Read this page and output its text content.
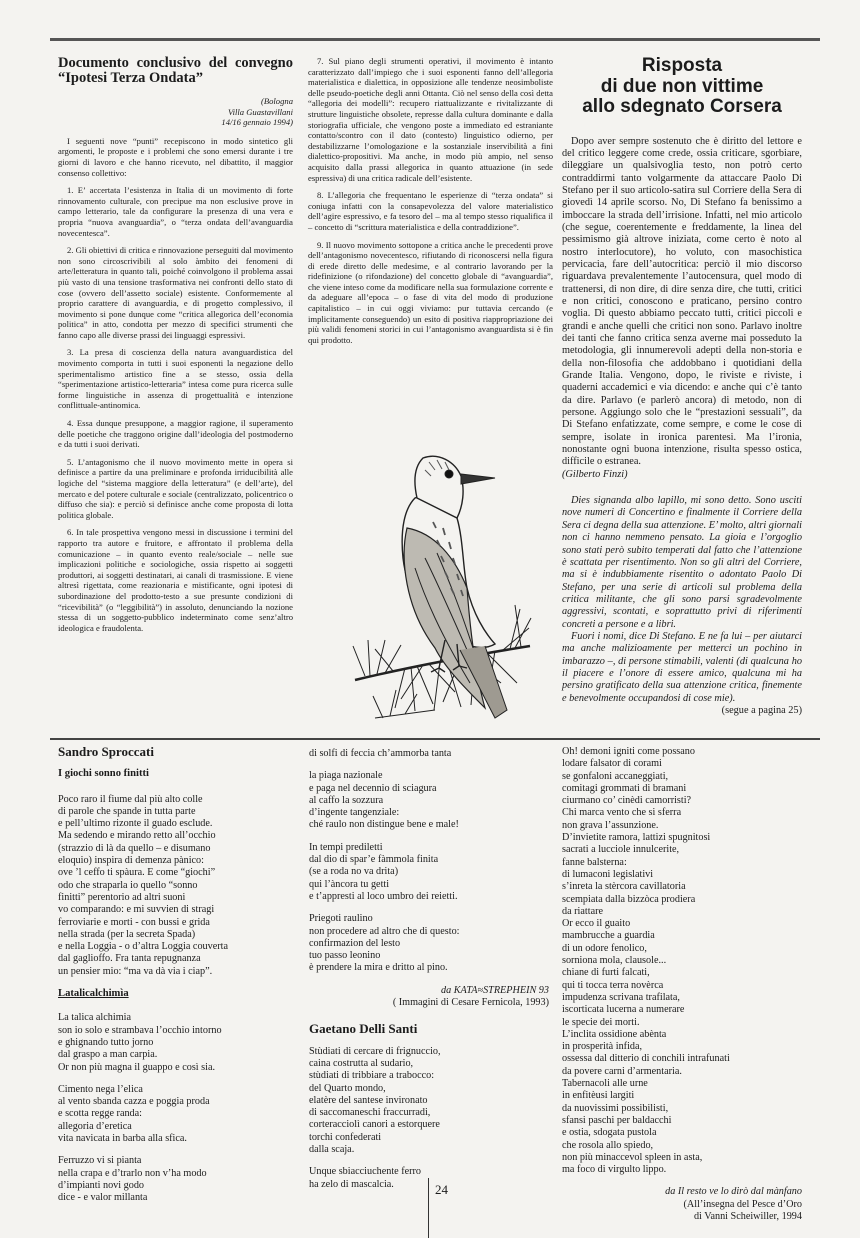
Documento conclusivo del convegno “Ipotesi Terza Ondata”
(Bologna
Villa Guastavillani
14/16 gennaio 1994)

I seguenti nove “punti” recepiscono in modo sintetico gli argomenti, le proposte e i problemi che sono emersi durante i tre giorni di lavoro e che hanno ricevuto, nel dibattito, il maggior consenso collettivo:

1. E’ accertata l’esistenza in Italia di un movimento di forte rinnovamento culturale, con precipue ma non esclusive prove in campo letterario, tale da configurare la presenza di una vera e propria “nuova avanguardia”, o “terza ondata dell’avanguardia novecentesca”.

2. Gli obiettivi di critica e rinnovazione perseguiti dal movimento non sono circoscrivibili al solo àmbito dei fenomeni di arte/letteratura in quanto tali, poiché coinvolgono il problema assai più vasto di una tensione trasformativa nei confronti dello stato di cose (ovvero dell’assetto sociale) esistente. Conformemente al proprio carattere di avanguardia, e di progetto complessivo, il movimento si pone dunque come “critica allegorica dell’economia politica” in atto, condotta per mezzo di specifici strumenti che fanno capo alle diverse prassi dei linguaggi espressivi.

3. La presa di coscienza della natura avanguardistica del movimento comporta in tutti i suoi esponenti la negazione dello sperimentalismo artistico fine a se stesso, ossia della “sperimentazione artistico-letteraria” intesa come pura ricerca sulle forme linguistiche in assenza di progettualità e intenzione conflittuale-antinomica.

4. Essa dunque presuppone, a maggior ragione, il superamento delle poetiche che traggono origine dall’ideologia del postmoderno e da tutti i suoi derivati.

5. L’antagonismo che il nuovo movimento mette in opera si definisce a partire da una preliminare e profonda irriducibilità alle logiche del “sistema maggiore della letteratura” (e dell’arte), del mercato e del potere culturale e sociale (centralizzato, policentrico o diffuso che sia): e perciò si definisce anche come proposta di lotta politica globale.

6. In tale prospettiva vengono messi in discussione i termini del rapporto tra autore e fruitore, e affrontato il problema della comunicazione – in quanto evento reale/sociale – nelle sue implicazioni politiche e sociologiche, ossia rispetto ai soggetti produttori, ai soggetti destinatari, ai canali di trasmissione. E viene altresì rigettata, come reazionaria e mistificante, ogni ipotesi di subordinazione del prodotto-testo a sue presunte condizioni di “ricevibilità” (o “leggibilità”) in assoluto, denunciando la nozione stessa di un soggetto-pubblico indeterminato come senz’altro ideologica e fraudolenta.

7. Sul piano degli strumenti operativi, il movimento è intanto caratterizzato dall’impiego che i suoi esponenti fanno dell’allegoria materialistica e dialettica, in opposizione alle tendenze neosimboliste delle pseudo-poetiche degli anni Ottanta. Ciò nel senso della così detta “allegoria dei modelli”: recupero riattualizzante e rivitalizzante di strutture linguistiche obsolete, represse dalla cultura dominante e dalla storiografia ufficiale, che vengono poste a immediato ed estraniante contatto/scontro con il dato (contesto) linguistico odierno, per destabilizzarne l’omologazione e la sostanziale inservibilità a fini dialettico-propositivi. Ma anche, in modo più ampio, nel senso acquisito dalla prassi allegorica in quanto attuazione (in sede espressiva) di una critica radicale dell’esistente.

8. L’allegoria che frequentano le esperienze di “terza ondata” si coniuga infatti con la consapevolezza del valore materialistico dell’agire espressivo, e fa tesoro del – ma al tempo stesso riqualifica il – concetto di “scrittura materialistica e della contraddizione”.

9. Il nuovo movimento sottopone a critica anche le precedenti prove dell’antagonismo novecentesco, rifiutando di riconoscersi nella figura di erede diretto delle medesime, e al contrario lavorando per la ridefinizione (o rifondazione) del concetto globale di “avanguardia”, che viene inteso come da modificare nella sua formulazione corrente e da adeguare all’epoca – o fase di vita del modo di produzione capitalistico – in cui oggi viviamo: pur tuttavia cercando (e implicitamente conseguendo) un esito di positiva riappropriazione dei più validi fenomeni storici in cui l’antagonismo avanguardista si è fin qui prodotto.

Risposta
di due non vittime
allo sdegnato Corsera

Dopo aver sempre sostenuto che è diritto del lettore e del critico leggere come crede, ossia criticare, sgorbiare, dileggiare un qualsivoglia testo, non potrò certo contraddirmi tanto volgarmente da attaccare Paolo Di Stefano per il suo articolo-satira sul Corriere della Sera di giovedì 14 aprile scorso. No, Di Stefano fa benissimo a imboccare la strada dell’irrisione. Infatti, nel mio articolo (che segue, coerentemente e freddamente, la linea del pessimismo già altrove iniziata, come certo è noto al nostro interlocutore), ho voluto, con masochistica pervicacia, fare dell’autocritica: perciò il mio discorso riguardava prevalentemente l’autocensura, quel modo di trattenersi, di non dire, di dire senza dire, che tutti, critici e non critici, conoscono e praticano, persino contro voglia. Di questo abbiamo peccato tutti, critici piccoli e grandi e anche quelli che critici non sono. Parlavo inoltre dei tanti che fanno critica senza averne mai posseduto la metodologia, gli innumerevoli adepti della non-storia e della non-filosofia che addobbano i quotidiani della Grande Italia. Vengono, dopo, le riviste e riviste, i quaderni accademici e via dicendo: e anche qui c’è tanto da dire. Parlavo (e parlerò ancora) di metodo, non di persone. Aggiungo solo che le “prestazioni sessuali”, da Di Stefano enfatizzate, come sempre, e come le cose di sempre, isolate in ironica parentesi. Ma l’ironia, nonostante ogni buona intenzione, risulta spesso ostica, difficile o estranea.

(Gilberto Finzi)

Dies signanda albo lapillo, mi sono detto. Sono usciti nove numeri di Concertino e finalmente il Corriere della Sera ci degna della sua attenzione. E’ molto, altri giornali non ci hanno nemmeno pensato. La gioia e l’orgoglio sono stati però subito temperati dal fatto che l’attenzione è scattata per risentimento. Non so gli altri del Corriere, ma si è indubbiamente risentito o adontato Paolo Di Stefano, per una serie di articoli sul problema della critica militante, che gli sono parsi sgradevolmente aggressivi, scontati, e soprattutto privi di riferimenti concreti a persone e a libri.

Fuori i nomi, dice Di Stefano. E ne fa lui – per aiutarci ma anche malizioamente per metterci un pochino in imbarazzo –, di persone stimabili, valenti (di qualcuna ho il piacere e l’onore di essere amico, qualcuna mi ha persino gratificato della sua attenzione critica, finemente e benevolmente occupandosi di cose mie).

(segue a pagina 25)

Sandro Sproccati
I giochi sonno finitti

Poco raro il fiume dal più alto colle
di parole che spande in tutta parte
e pell’ultimo rizonte il guado esclude.
Ma sedendo e mirando retto all’occhio
(strazzio di là da quello – e disumano
eloquio) inspira di demenza pànico:
ove ’l ceffo ti spàura. E come “giochi”
odo che straparla io quello “sonno
finitti” perentorio ad altri suoni
vo comparando: e mi suvvien di stragi
ferroviarie e morti - con bussi e grida
nella strada (per la secreta Spada)
e nella Loggia - o d’altra Loggia couverta
dal gaglioffo. Fra tanta repugnanza
un pensier mio: “ma va dà via i ciap”.

Latalicalchimìa

La talica alchimia
son io solo e strambava l’occhio intorno
e ghignando tutto jorno
dal graspo a man carpia.
Or non più magna il guappo e così sia.

Cimento nega l’elica
al vento sbanda cazza e poggia proda
e scotta regge randa:
allegoria d’eretica
vita navicata in barba alla sfica.

Ferruzzo vi si pianta
nella crapa e d’trarlo non v’ha modo
d’impianti novi godo
dice - e valor millanta

di solfi di feccia ch’ammorba tanta

la piaga nazionale
e paga nel decennio di sciagura
al caffo la sozzura
d’ingente tangenziale:
ché raulo non distingue bene e male!

In tempi prediletti
dal dio di spar’e fàmmola finita
(se a roda no va drita)
qui l’àncora tu getti
e t’appresti al loco umbro dei reietti.

Priegoti raulino
non procedere ad altro che di questo:
confirmazion del lesto
tuo passo leonino
è prendere la mira e dritto al pino.

da KATA≈STREPHEIN 93
( Immagini di Cesare Fernicola, 1993)
Gaetano Delli Santi

Stùdiati di cercare di frignuccio,
caina costrutta al sudario,
stùdiati di tribbiare a trabocco:
del Quarto mondo,
elatère del santese invironato
di saccomaneschi fraccurradi,
corteracciolì canori a estorquere
torchi confederati
dalla scaja.

Unque sbiacciuchente ferro
ha zelo di mascalcia.

Oh! demoni igniti come possano
lodare falsator di corami
se gonfaloni accaneggiati,
comitagi grommati di bramani
ciurmano co’ cinèdi camorristi?
Chi marca vento che si sferra
non grava l’assunzione.
D’invietite ramora, lattizi spugnitosi
sacrati a lucciole innulcerite,
fanne balsterna:
di lumaconi legislativi
s’inreta la stèrcora cavillatoria
scempiata dalla bizzòca prodiera
da riattare
Or ecco il guaito
mambrucche a guardia
di un odore fenolico,
sorniona mola, clausole...
chiane di furti falcati,
qui ti tocca terra novèrca
impudenza scrivana trafilata,
iscorticata lucerna a numerare
le specie dei morti.
L’inclita ossidione abènta
in prosperità infida,
ossessa dal ditterio di conchili intrafunati
da povere carni d’armentaria.
Tabernacoli alle urne
in enfitèusi largiti
da nuovissimi possibilisti,
sfansi paschi per baldacchi
e ostia, sdogata pustola
che rosola allo spiedo,
non più minaccevol spleen in asta,
ma foco di virgulto lippo.

da Il resto ve lo dirò dal mànfano
(All’insegna del Pesce d’Oro
di Vanni Scheiwiller, 1994
24
